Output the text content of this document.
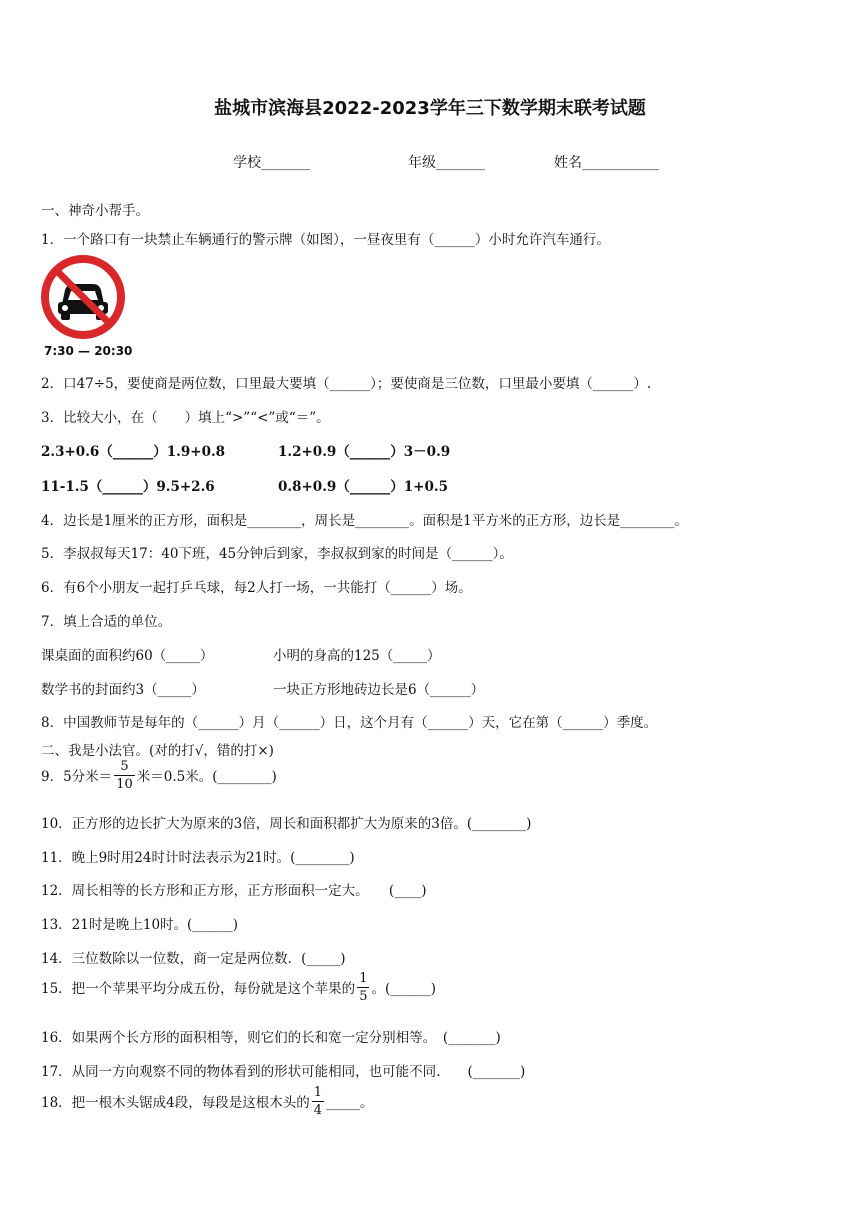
盐城市滨海县2022-2023学年三下数学期末联考试题
学校_______	年级_______	姓名___________
一、神奇小帮手。
1．一个路口有一块禁止车辆通行的警示牌（如图），一昼夜里有（______）小时允许汽车通行。
7:30 — 20:30
2．口47÷5，要使商是两位数，口里最大要填（______）；要使商是三位数，口里最小要填（______）.
3．比较大小，在（　　）填上“>”“<”或“＝”。
2.3+0.6（______）1.9+0.8	1.2+0.9（______）3－0.9
11-1.5（______）9.5+2.6	0.8+0.9（______）1+0.5
4．边长是1厘米的正方形，面积是________，周长是________。面积是1平方米的正方形，边长是________。
5．李叔叔每天17：40下班，45分钟后到家，李叔叔到家的时间是（______）。
6．有6个小朋友一起打乒乓球，每2人打一场，一共能打（______）场。
7．填上合适的单位。
课桌面的面积约60（_____）	小明的身高的125（_____）
数学书的封面约3（_____）	一块正方形地砖边长是6（______）
8．中国教师节是每年的（______）月（______）日，这个月有（______）天，它在第（______）季度。
二、我是小法官。(对的打√，错的打×)
9．5分米＝ $\frac{5}{10}$ 米＝0.5米。(________)
10．正方形的边长扩大为原来的3倍，周长和面积都扩大为原来的3倍。(________)
11．晚上9时用24时计时法表示为21时。(________)
12．周长相等的长方形和正方形，正方形面积一定大。　　(____)
13．21时是晚上10时。(______)
14．三位数除以一位数，商一定是两位数．(_____)
15．把一个苹果平均分成五份，每份就是这个苹果的 $\frac{1}{5}$ 。(______)
16．如果两个长方形的面积相等，则它们的长和宽一定分别相等。　(_______)
17．从同一方向观察不同的物体看到的形状可能相同，也可能不同.　　(_______)
18．把一根木头锯成4段，每段是这根木头的 $\frac{1}{4}$ _____。
